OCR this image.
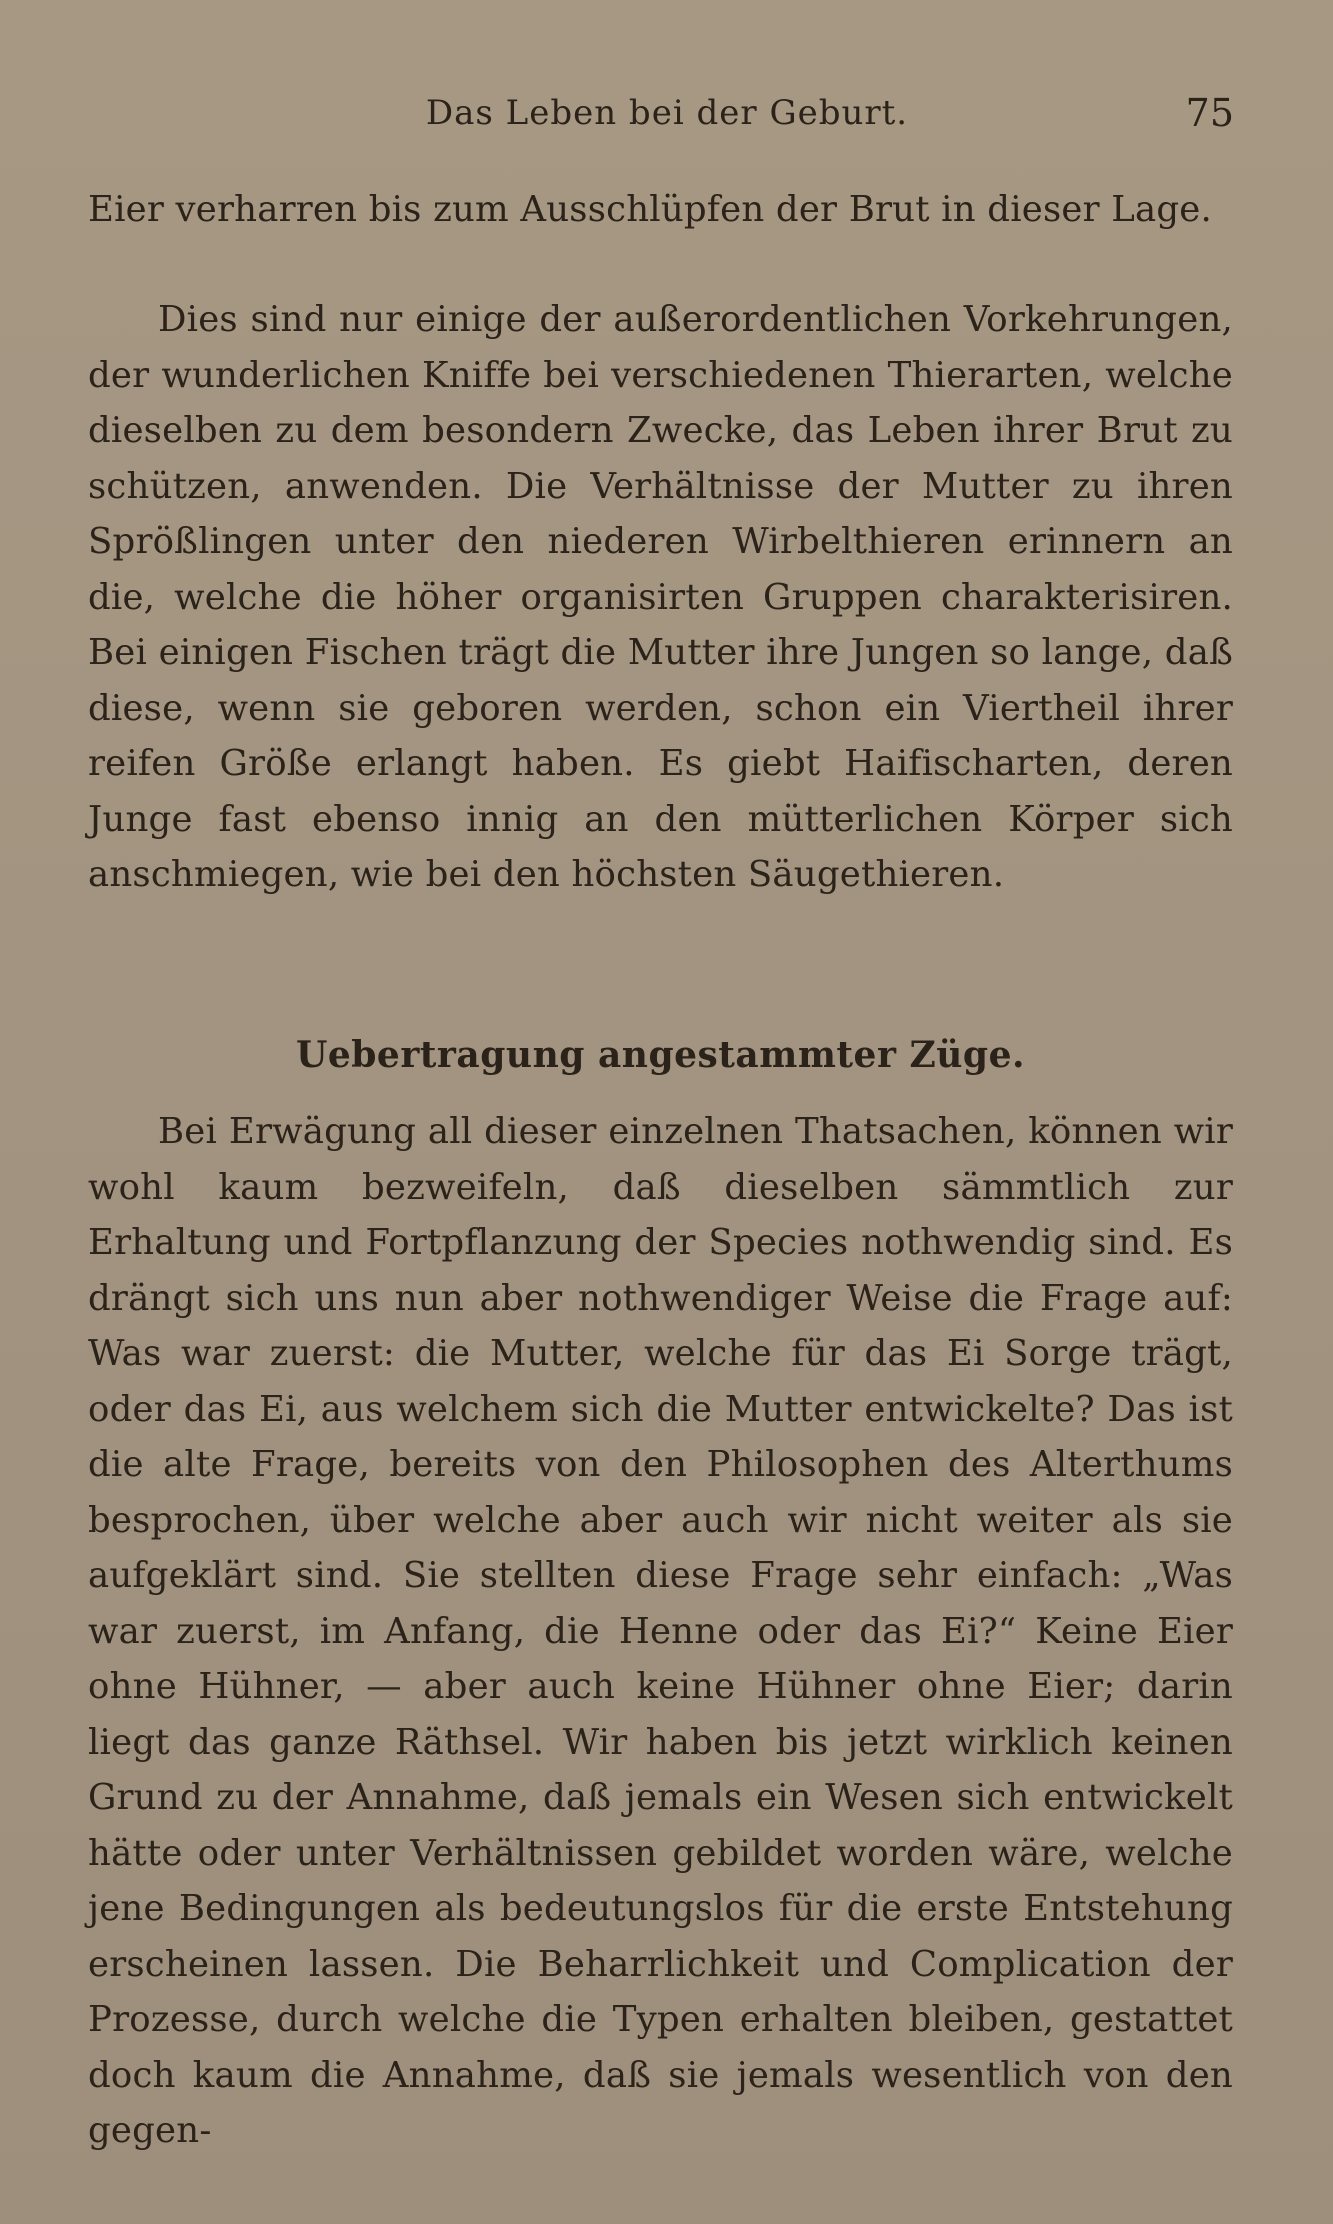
Das Leben bei der Geburt.	75

Eier verharren bis zum Ausschlüpfen der Brut in dieser Lage.

Dies sind nur einige der außerordentlichen Vorkehrungen, der wunderlichen Kniffe bei verschiedenen Thierarten, welche dieselben zu dem besondern Zwecke, das Leben ihrer Brut zu schützen, anwenden. Die Verhältnisse der Mutter zu ihren Sprößlingen unter den niederen Wirbelthieren erinnern an die, welche die höher organisirten Gruppen charakterisiren. Bei einigen Fischen trägt die Mutter ihre Jungen so lange, daß diese, wenn sie geboren werden, schon ein Viertheil ihrer reifen Größe erlangt haben. Es giebt Haifischarten, deren Junge fast ebenso innig an den mütterlichen Körper sich anschmiegen, wie bei den höchsten Säugethieren.

Uebertragung angestammter Züge.

Bei Erwägung all dieser einzelnen Thatsachen, können wir wohl kaum bezweifeln, daß dieselben sämmtlich zur Erhaltung und Fortpflanzung der Species nothwendig sind. Es drängt sich uns nun aber nothwendiger Weise die Frage auf: Was war zuerst: die Mutter, welche für das Ei Sorge trägt, oder das Ei, aus welchem sich die Mutter entwickelte? Das ist die alte Frage, bereits von den Philosophen des Alterthums besprochen, über welche aber auch wir nicht weiter als sie aufgeklärt sind. Sie stellten diese Frage sehr einfach: „Was war zuerst, im Anfang, die Henne oder das Ei?“ Keine Eier ohne Hühner, — aber auch keine Hühner ohne Eier; darin liegt das ganze Räthsel. Wir haben bis jetzt wirklich keinen Grund zu der Annahme, daß jemals ein Wesen sich entwickelt hätte oder unter Verhältnissen gebildet worden wäre, welche jene Bedingungen als bedeutungslos für die erste Entstehung erscheinen lassen. Die Beharrlichkeit und Complication der Prozesse, durch welche die Typen erhalten bleiben, gestattet doch kaum die Annahme, daß sie jemals wesentlich von den gegen-
